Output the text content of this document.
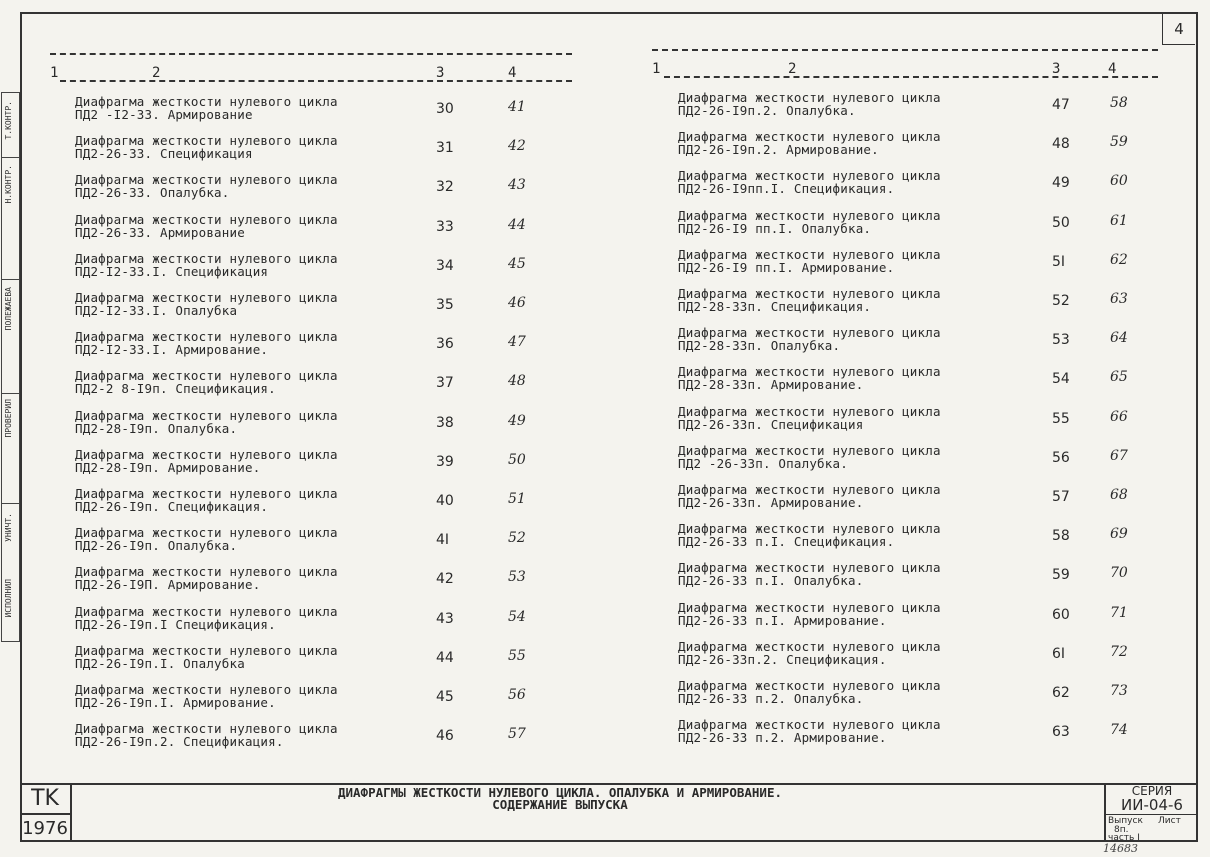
Т.КОНТР.
Н.КОНТР.
ПОЛЕЖАЕВА
ПРОВЕРИЛ
УНИЧТ.
ИСПОЛНИЛ
4
1	2	3	4
Диафрагма жесткости нулевого цикла
ПД2 -I2-33. Армирование	30	41
Диафрагма жесткости нулевого цикла
ПД2-26-33. Спецификация	31	42
Диафрагма жесткости нулевого цикла
ПД2-26-33. Опалубка.	32	43
Диафрагма жесткости нулевого цикла
ПД2-26-33. Армирование	33	44
Диафрагма жесткости нулевого цикла
ПД2-I2-33.I. Спецификация	34	45
Диафрагма жесткости нулевого цикла
ПД2-I2-33.I. Опалубка	35	46
Диафрагма жесткости нулевого цикла
ПД2-I2-33.I. Армирование.	36	47
Диафрагма жесткости нулевого цикла
ПД2-2 8-I9п. Спецификация.	37	48
Диафрагма жесткости нулевого цикла
ПД2-28-I9п. Опалубка.	38	49
Диафрагма жесткости нулевого цикла
ПД2-28-I9п. Армирование.	39	50
Диафрагма жесткости нулевого цикла
ПД2-26-I9п. Спецификация.	40	51
Диафрагма жесткости нулевого цикла
ПД2-26-I9п. Опалубка.	4I	52
Диафрагма жесткости нулевого цикла
ПД2-26-I9П. Армирование.	42	53
Диафрагма жесткости нулевого цикла
ПД2-26-I9п.I Спецификация.	43	54
Диафрагма жесткости нулевого цикла
ПД2-26-I9п.I. Опалубка	44	55
Диафрагма жесткости нулевого цикла
ПД2-26-I9п.I. Армирование.	45	56
Диафрагма жесткости нулевого цикла
ПД2-26-I9п.2. Спецификация.	46	57
1	2	3	4
Диафрагма жесткости нулевого цикла
ПД2-26-I9п.2. Опалубка.	47	58
Диафрагма жесткости нулевого цикла
ПД2-26-I9п.2. Армирование.	48	59
Диафрагма жесткости нулевого цикла
ПД2-26-I9пп.I. Спецификация.	49	60
Диафрагма жесткости нулевого цикла
ПД2-26-I9 пп.I. Опалубка.	50	61
Диафрагма жесткости нулевого цикла
ПД2-26-I9 пп.I. Армирование.	5I	62
Диафрагма жесткости нулевого цикла
ПД2-28-33п. Спецификация.	52	63
Диафрагма жесткости нулевого цикла
ПД2-28-33п. Опалубка.	53	64
Диафрагма жесткости нулевого цикла
ПД2-28-33п. Армирование.	54	65
Диафрагма жесткости нулевого цикла
ПД2-26-33п. Спецификация	55	66
Диафрагма жесткости нулевого цикла
ПД2 -26-33п. Опалубка.	56	67
Диафрагма жесткости нулевого цикла
ПД2-26-33п. Армирование.	57	68
Диафрагма жесткости нулевого цикла
ПД2-26-33 п.I. Спецификация.	58	69
Диафрагма жесткости нулевого цикла
ПД2-26-33 п.I. Опалубка.	59	70
Диафрагма жесткости нулевого цикла
ПД2-26-33 п.I. Армирование.	60	71
Диафрагма жесткости нулевого цикла
ПД2-26-33п.2. Спецификация.	6I	72
Диафрагма жесткости нулевого цикла
ПД2-26-33 п.2. Опалубка.	62	73
Диафрагма жесткости нулевого цикла
ПД2-26-33 п.2. Армирование.	63	74
TK
1976
ДИАФРАГМЫ ЖЕСТКОСТИ НУЛЕВОГО ЦИКЛА. ОПАЛУБКА И АРМИРОВАНИЕ.
СОДЕРЖАНИЕ ВЫПУСКА
СЕРИЯ
ИИ-04-6
Выпуск Лист
8п.
часть I
14683
